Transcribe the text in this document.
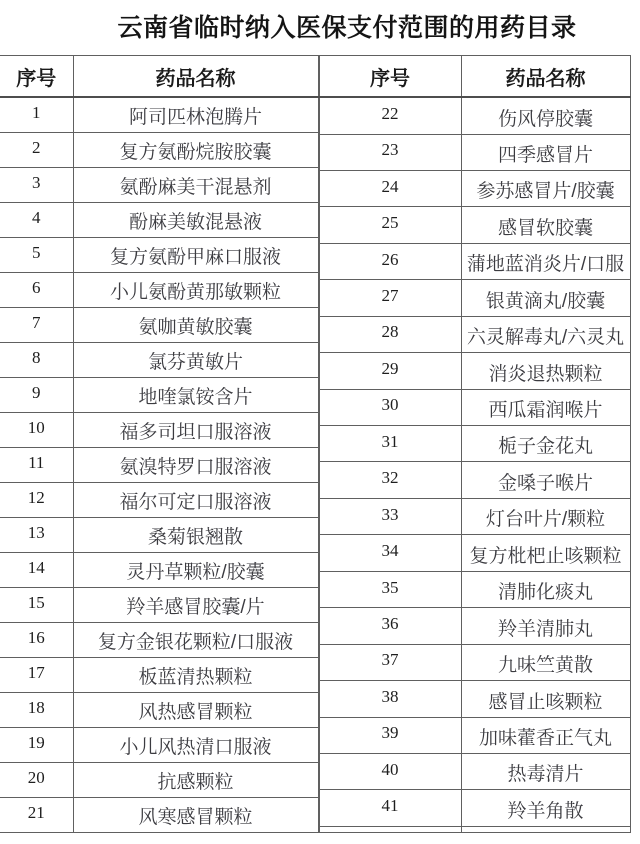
云南省临时纳入医保支付范围的用药目录
序号	药品名称
1	阿司匹林泡腾片
2	复方氨酚烷胺胶囊
3	氨酚麻美干混悬剂
4	酚麻美敏混悬液
5	复方氨酚甲麻口服液
6	小儿氨酚黄那敏颗粒
7	氨咖黄敏胶囊
8	氯芬黄敏片
9	地喹氯铵含片
10	福多司坦口服溶液
11	氨溴特罗口服溶液
12	福尔可定口服溶液
13	桑菊银翘散
14	灵丹草颗粒/胶囊
15	羚羊感冒胶囊/片
16	复方金银花颗粒/口服液
17	板蓝清热颗粒
18	风热感冒颗粒
19	小儿风热清口服液
20	抗感颗粒
21	风寒感冒颗粒
序号	药品名称
22	伤风停胶囊
23	四季感冒片
24	参苏感冒片/胶囊
25	感冒软胶囊
26	蒲地蓝消炎片/口服
27	银黄滴丸/胶囊
28	六灵解毒丸/六灵丸
29	消炎退热颗粒
30	西瓜霜润喉片
31	栀子金花丸
32	金嗓子喉片
33	灯台叶片/颗粒
34	复方枇杷止咳颗粒
35	清肺化痰丸
36	羚羊清肺丸
37	九味竺黄散
38	感冒止咳颗粒
39	加味藿香正气丸
40	热毒清片
41	羚羊角散
